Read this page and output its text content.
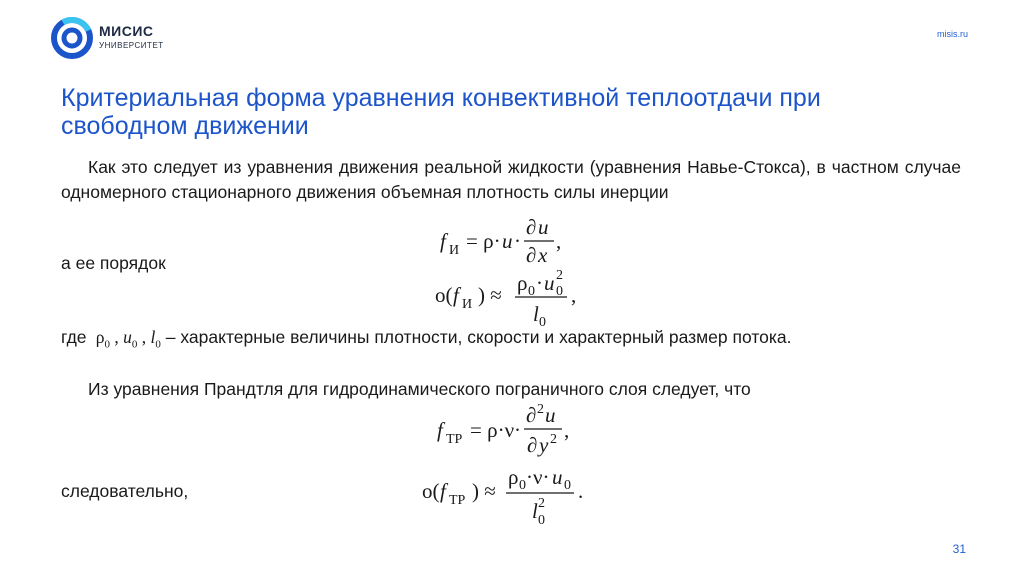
МИСИС
УНИВЕРСИТЕТ
misis.ru
Критериальная форма уравнения конвективной теплоотдачи при свободном движении
Как это следует из уравнения движения реальной жидкости (уравнения Навье-Стокса), в частном случае одномерного стационарного движения объемная плотность силы инерции
f И = ρ· u ·
∂ u
∂ x
,
а ее порядок
o( f И ) ≈ ρ 0 · u 2
0
l 0
,
где  $\rho_0$ , $u_0$ , $l_0$ – характерные величины плотности, скорости и характерный размер потока.
Из уравнения Прандтля для гидродинамического пограничного слоя следует, что
f ТР = ρ·ν·
∂ 2 u
∂ y 2 ,
следовательно,	o( f ТР ) ≈
ρ 0 ·ν· u 0
l 2
0
.
31
